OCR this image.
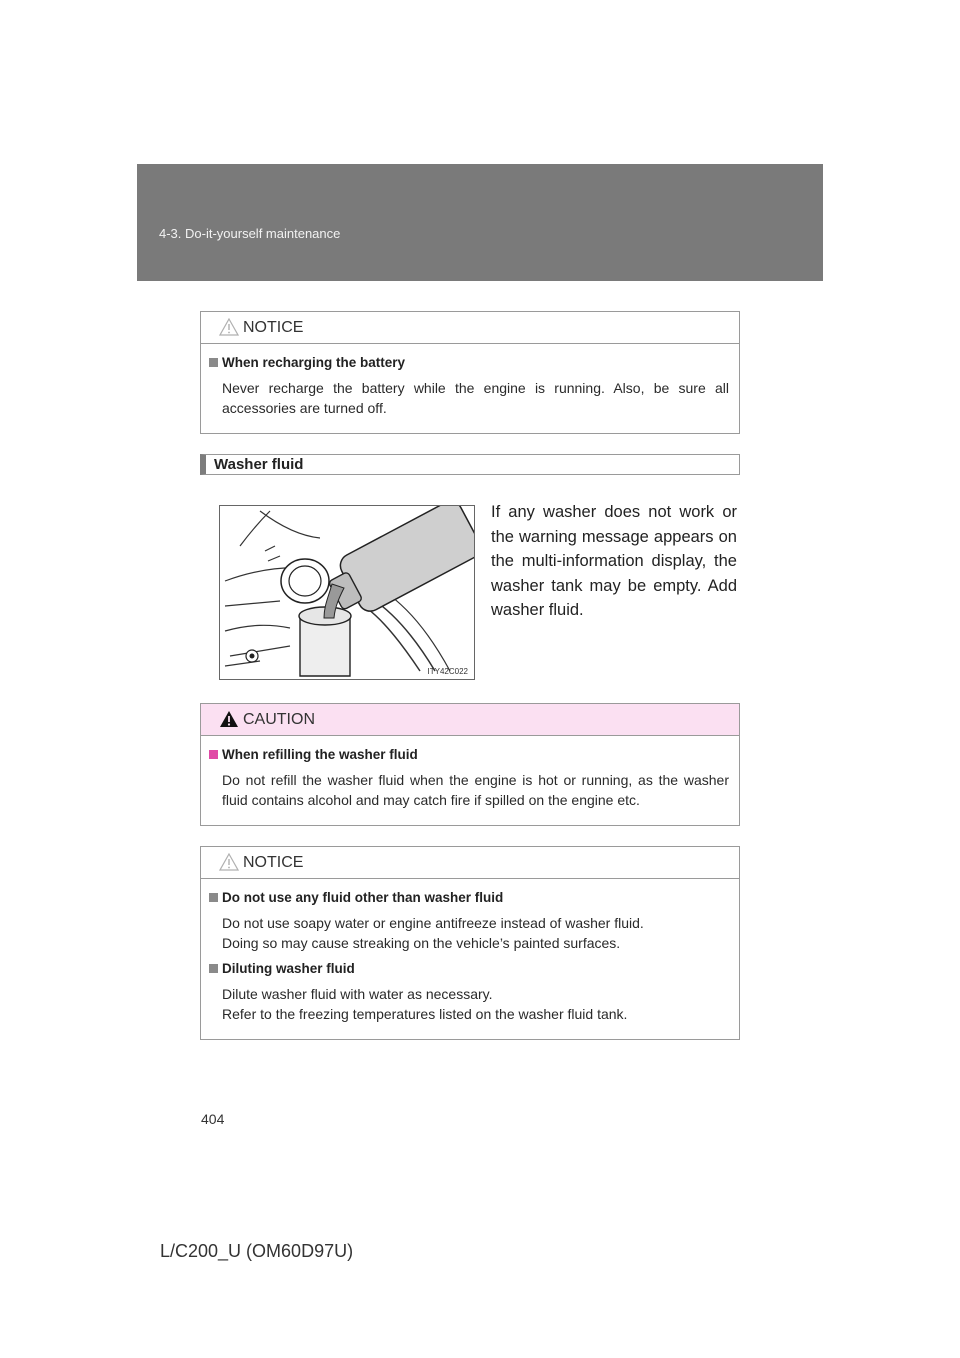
4-3. Do-it-yourself maintenance
NOTICE
When recharging the battery
Never recharge the battery while the engine is running. Also, be sure all accessories are turned off.
Washer fluid
ITY42C022
If any washer does not work or the warning message appears on the multi-information display, the washer tank may be empty. Add washer fluid.
CAUTION
When refilling the washer fluid
Do not refill the washer fluid when the engine is hot or running, as the washer fluid contains alcohol and may catch fire if spilled on the engine etc.
NOTICE
Do not use any fluid other than washer fluid
Do not use soapy water or engine antifreeze instead of washer fluid.
Doing so may cause streaking on the vehicle’s painted surfaces.
Diluting washer fluid
Dilute washer fluid with water as necessary.
Refer to the freezing temperatures listed on the washer fluid tank.
404
L/C200_U (OM60D97U)
